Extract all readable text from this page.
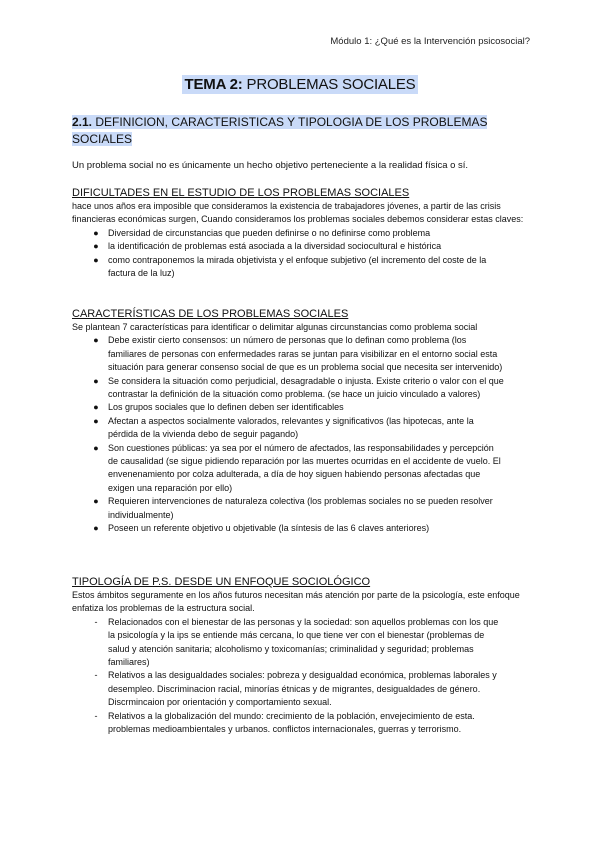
Módulo 1: ¿Qué es la Intervención psicosocial?
TEMA 2: PROBLEMAS SOCIALES
2.1. DEFINICION, CARACTERISTICAS Y TIPOLOGIA DE LOS PROBLEMAS SOCIALES
Un problema social no es únicamente un hecho objetivo perteneciente a la realidad física o sí.
DIFICULTADES EN EL ESTUDIO DE LOS PROBLEMAS SOCIALES

hace unos años era imposible que consideramos la existencia de trabajadores jóvenes, a partir de las crisis financieras económicas surgen, Cuando consideramos los problemas sociales debemos considerar estas claves:

●	Diversidad de circunstancias que pueden definirse o no definirse como problema
●	la identificación de problemas está asociada a la diversidad sociocultural e histórica
●	como contraponemos la mirada objetivista y el enfoque subjetivo (el incremento del coste de la factura de la luz)
CARACTERÍSTICAS DE LOS PROBLEMAS SOCIALES

Se plantean 7 características para identificar o delimitar algunas circunstancias como problema social

●	Debe existir cierto consensos: un número de personas que lo definan como problema (los familiares de personas con enfermedades raras se juntan para visibilizar en el entorno social esta situación para generar consenso social de que es un problema social que necesita ser intervenido)
●	Se considera la situación como perjudicial, desagradable o injusta. Existe criterio o valor con el que contrastar la definición de la situación como problema. (se hace un juicio vinculado a valores)
●	Los grupos sociales que lo definen deben ser identificables
●	Afectan a aspectos socialmente valorados, relevantes y significativos (las hipotecas, ante la pérdida de la vivienda debo de seguir pagando)
●	Son cuestiones públicas: ya sea por el número de afectados, las responsabilidades y percepción de causalidad (se sigue pidiendo reparación por las muertes ocurridas en el accidente de vuelo. El envenenamiento por colza adulterada, a día de hoy siguen habiendo personas afectadas que exigen una reparación por ello)
●	Requieren intervenciones de naturaleza colectiva (los problemas sociales no se pueden resolver individualmente)
●	Poseen un referente objetivo u objetivable (la síntesis de las 6 claves anteriores)
TIPOLOGÍA DE P.S. DESDE UN ENFOQUE SOCIOLÓGICO

Estos ámbitos seguramente en los años futuros necesitan más atención por parte de la psicología, este enfoque enfatiza los problemas de la estructura social.

-	Relacionados con el bienestar de las personas y la sociedad: son aquellos problemas con los que la psicología y la ips se entiende más cercana, lo que tiene ver con el bienestar (problemas de salud y atención sanitaria; alcoholismo y toxicomanías; criminalidad y seguridad; problemas familiares)
-	Relativos a las desigualdades sociales: pobreza y desigualdad económica, problemas laborales y desempleo. Discriminacion racial, minorías étnicas y de migrantes, desigualdades de género. Discrmincaion por orientación y comportamiento sexual.
-	Relativos a la globalización del mundo: crecimiento de la población, envejecimiento de esta. problemas medioambientales y urbanos. conflictos internacionales, guerras y terrorismo.
